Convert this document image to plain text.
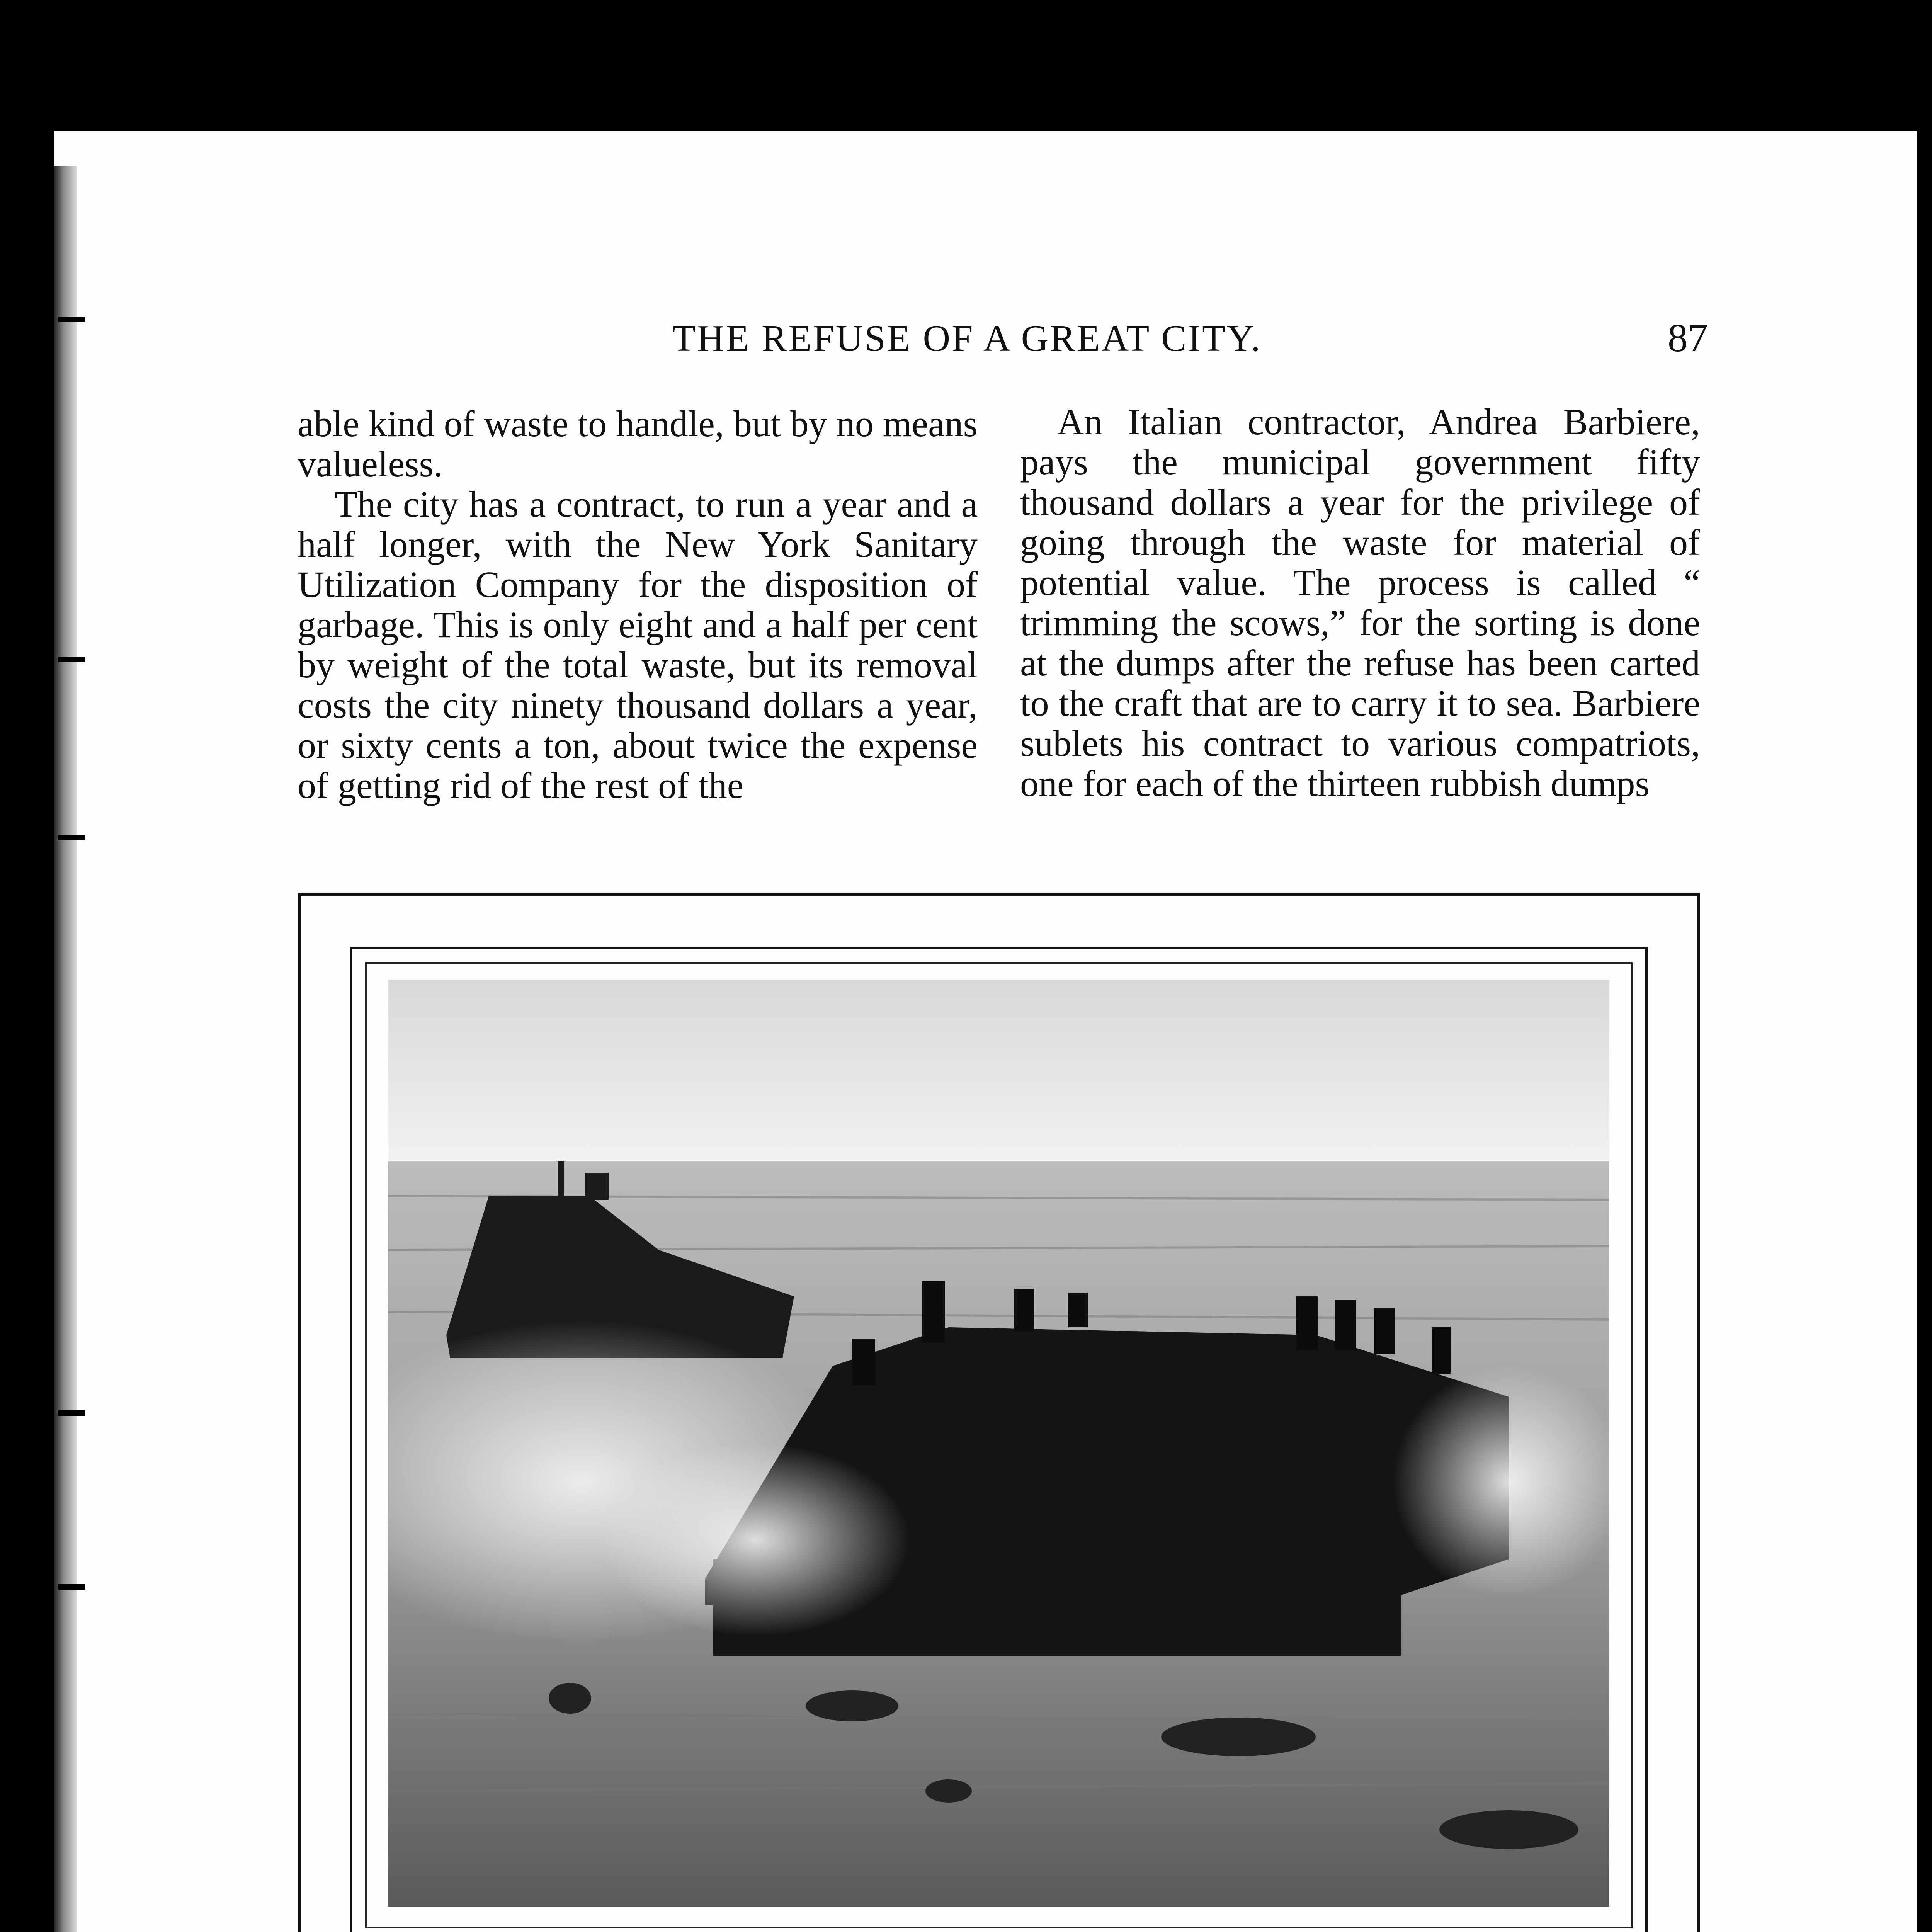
THE REFUSE OF A GREAT CITY.	87

able kind of waste to handle, but by no means valueless.

The city has a contract, to run a year and a half longer, with the New York Sanitary Utilization Company for the disposition of garbage. This is only eight and a half per cent by weight of the total waste, but its removal costs the city ninety thousand dollars a year, or sixty cents a ton, about twice the expense of getting rid of the rest of the

An Italian contractor, Andrea Barbiere, pays the municipal government fifty thousand dollars a year for the privilege of going through the waste for material of potential value. The process is called “ trimming the scows,” for the sorting is done at the dumps after the refuse has been carted to the craft that are to carry it to sea. Barbiere sublets his contract to various compatriots, one for each of the thirteen rubbish dumps
